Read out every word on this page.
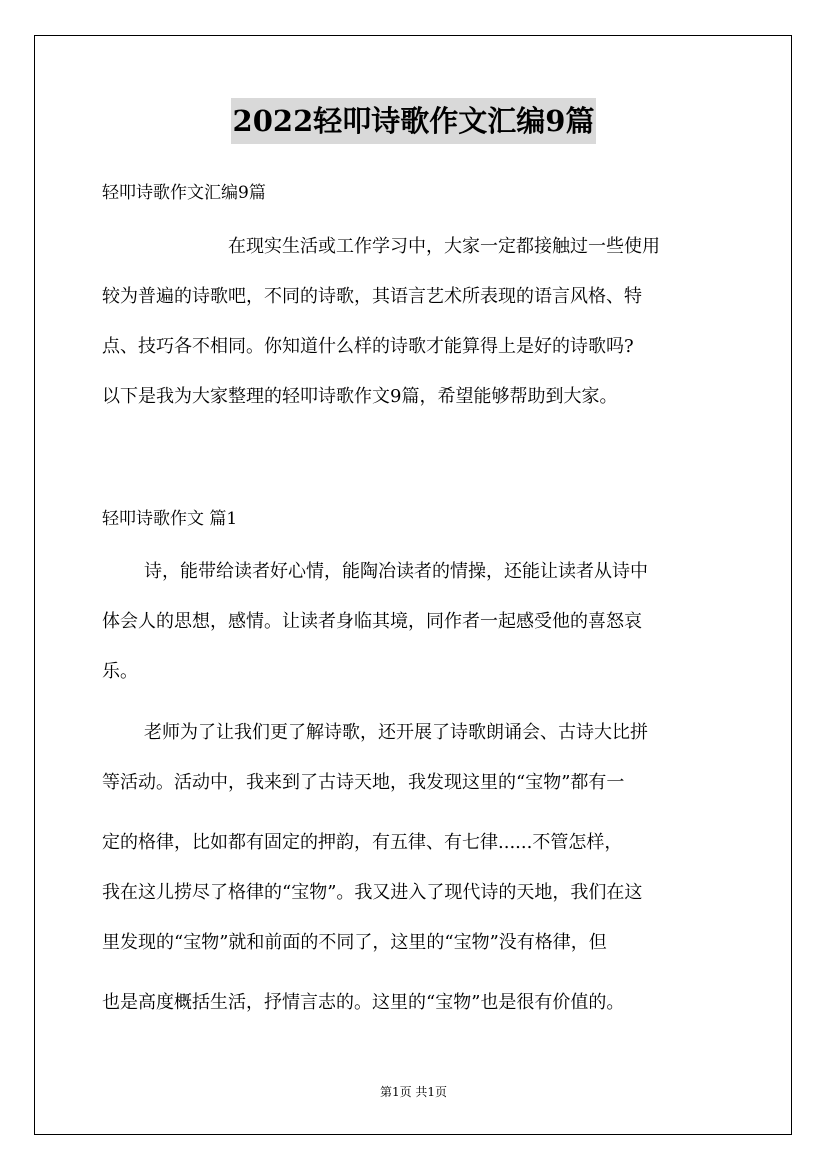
2022轻叩诗歌作文汇编9篇
轻叩诗歌作文汇编9篇
在现实生活或工作学习中，大家一定都接触过一些使用
较为普遍的诗歌吧，不同的诗歌，其语言艺术所表现的语言风格、特
点、技巧各不相同。你知道什么样的诗歌才能算得上是好的诗歌吗?
以下是我为大家整理的轻叩诗歌作文9篇，希望能够帮助到大家。
轻叩诗歌作文 篇1
诗，能带给读者好心情，能陶冶读者的情操，还能让读者从诗中
体会人的思想，感情。让读者身临其境，同作者一起感受他的喜怒哀
乐。
老师为了让我们更了解诗歌，还开展了诗歌朗诵会、古诗大比拼
等活动。活动中，我来到了古诗天地，我发现这里的“宝物”都有一
定的格律，比如都有固定的押韵，有五律、有七律......不管怎样，
我在这儿捞尽了格律的“宝物”。我又进入了现代诗的天地，我们在这
里发现的“宝物”就和前面的不同了，这里的“宝物”没有格律，但
也是高度概括生活，抒情言志的。这里的“宝物”也是很有价值的。
第1页 共1页
